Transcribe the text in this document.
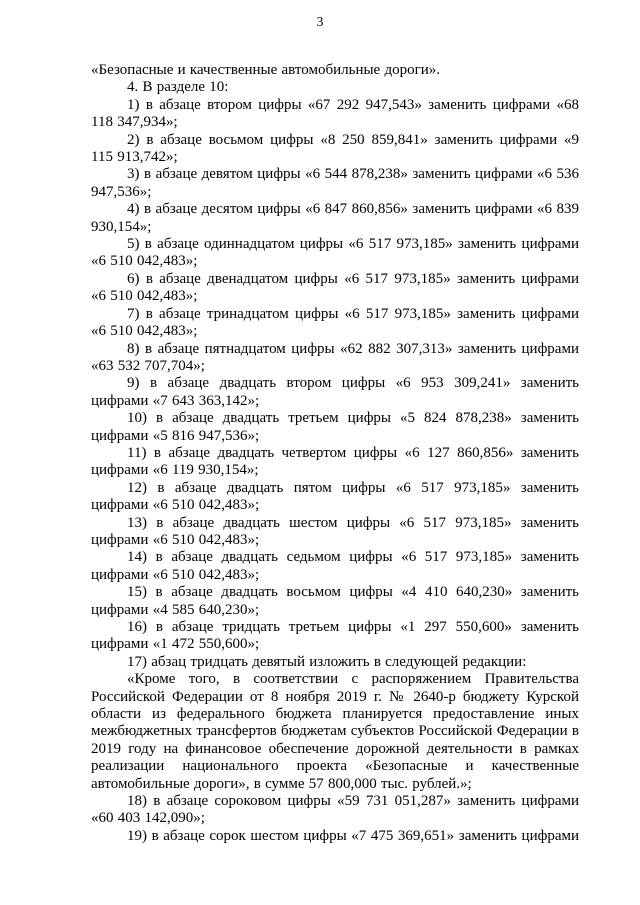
3

«Безопасные и качественные автомобильные дороги».

4. В разделе 10:

1) в абзаце втором цифры «67 292 947,543» заменить цифрами «68 118 347,934»;

2) в абзаце восьмом цифры «8 250 859,841» заменить цифрами «9 115 913,742»;

3) в абзаце девятом цифры «6 544 878,238» заменить цифрами «6 536 947,536»;

4) в абзаце десятом цифры «6 847 860,856» заменить цифрами «6 839 930,154»;

5) в абзаце одиннадцатом цифры «6 517 973,185» заменить цифрами «6 510 042,483»;

6) в абзаце двенадцатом цифры «6 517 973,185» заменить цифрами «6 510 042,483»;

7) в абзаце тринадцатом цифры «6 517 973,185» заменить цифрами «6 510 042,483»;

8) в абзаце пятнадцатом цифры «62 882 307,313» заменить цифрами «63 532 707,704»;

9) в абзаце двадцать втором цифры «6 953 309,241» заменить цифрами «7 643 363,142»;

10) в абзаце двадцать третьем цифры «5 824 878,238» заменить цифрами «5 816 947,536»;

11) в абзаце двадцать четвертом цифры «6 127 860,856» заменить цифрами «6 119 930,154»;

12) в абзаце двадцать пятом цифры «6 517 973,185» заменить цифрами «6 510 042,483»;

13) в абзаце двадцать шестом цифры «6 517 973,185» заменить цифрами «6 510 042,483»;

14) в абзаце двадцать седьмом цифры «6 517 973,185» заменить цифрами «6 510 042,483»;

15) в абзаце двадцать восьмом цифры «4 410 640,230» заменить цифрами «4 585 640,230»;

16) в абзаце тридцать третьем цифры «1 297 550,600» заменить цифрами «1 472 550,600»;

17) абзац тридцать девятый изложить в следующей редакции:

«Кроме того, в соответствии с распоряжением Правительства Российской Федерации от 8 ноября 2019 г. № 2640-р бюджету Курской области из федерального бюджета планируется предоставление иных межбюджетных трансфертов бюджетам субъектов Российской Федерации в 2019 году на финансовое обеспечение дорожной деятельности в рамках реализации национального проекта «Безопасные и качественные автомобильные дороги», в сумме 57 800,000 тыс. рублей.»;

18) в абзаце сороковом цифры «59 731 051,287» заменить цифрами «60 403 142,090»;

19) в абзаце сорок шестом цифры «7 475 369,651» заменить цифрами
